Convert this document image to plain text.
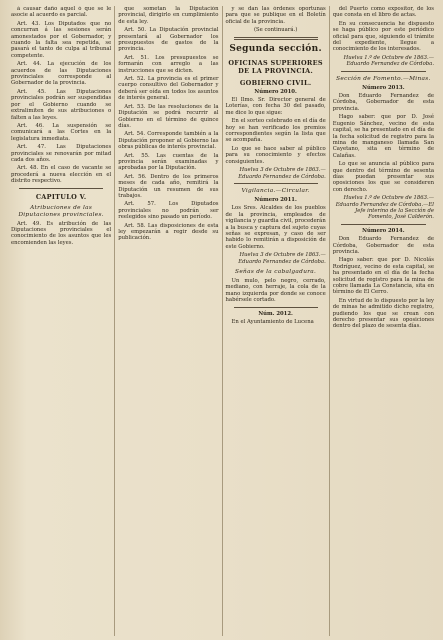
á causar daño aquel ó que se le asocie al acuerdo es parcial.

Art. 43. Los Diputados que no concurran á las sesiones serán amonestados por el Gobernador, y cuando la falta sea repetida, se pasará el tanto de culpa al tribunal competente.

Art. 44. La ejecución de los acuerdos de las Diputaciones provinciales corresponde al Gobernador de la provincia.

Art. 45. Las Diputaciones provinciales podrán ser suspendidas por el Gobierno cuando se extralimiten de sus atribuciones o falten a las leyes.

Art. 46. La suspensión se comunicará a las Cortes en la legislatura inmediata.

Art. 47. Las Diputaciones provinciales se renovarán por mitad cada dos años.

Art. 48. En el caso de vacante se procederá a nueva elección en el distrito respectivo.

CAPITULO V.

Atribuciones de las Diputaciones provinciales.

Art. 49. Es atribución de las Diputaciones provinciales el conocimiento de los asuntos que les encomienden las leyes.

que sometan la Diputación provincial, dirigirlo en cumplimiento de esta ley.

Art. 50. La Diputación provincial presentará al Gobernador los presupuestos de gastos de la provincia.

Art. 51. Los presupuestos se formarán con arreglo a las instrucciones que se dicten.

Art. 52. La provincia es el primer cuerpo consultivo del Gobernador y deberá ser oída en todos los asuntos de interés general.

Art. 53. De las resoluciones de la Diputación se podrá recurrir al Gobierno en el término de quince días.

Art. 54. Corresponde también a la Diputación proponer al Gobierno las obras públicas de interés provincial.

Art. 55. Las cuentas de la provincia serán examinadas y aprobadas por la Diputación.

Art. 56. Dentro de los primeros meses de cada año, remitirá la Diputación un resumen de sus trabajos.

Art. 57. Los Diputados provinciales no podrán ser reelegidos sino pasado un período.

Art. 58. Las disposiciones de esta ley empezarán a regir desde su publicación.

y se dan las órdenes oportunas para que se publique en el Boletín oficial de la provincia.

(Se continuará.)

Segunda sección.

OFICINAS SUPERIORES DE LA PROVINCIA.

GOBIERNO CIVIL.

Número 2010.

El Ilmo. Sr. Director general de Loterías, con fecha 30 del pasado, me dice lo que sigue:

En el sorteo celebrado en el día de hoy se han verificado los premios correspondientes según la lista que se acompaña.

Lo que se hace saber al público para su conocimiento y efectos consiguientes.

Huelva 3 de Octubre de 1863.—Eduardo Fernandez de Córdoba.

Vigilancia.—Circular.

Número 2011.

Los Sres. Alcaldes de los pueblos de la provincia, empleados de vigilancia y guardia civil, procederán a la busca y captura del sujeto cuyas señas se expresan, y caso de ser habido lo remitirán a disposición de este Gobierno.

Huelva 3 de Octubre de 1863.—Eduardo Fernandez de Córdoba.

Señas de la cabalgadura.

Un mulo, pelo negro, cerrado, mediano, con herraje, la cola de la mano izquierda por donde se conoce habérsele cortado.

Núm. 2012.

En el Ayuntamiento de Lucena

del Puerto como expositor, de los que consta en el libro de actas.

En su consecuencia he dispuesto se haga público por este periódico oficial para que, siguiendo el trámite del expediente, llegue a conocimiento de los interesados.

Huelva 1.º de Octubre de 1863.—Eduardo Fernandez de Córdoba.

Sección de Fomento.—Minas.

Número 2013.

Don Eduardo Fernandez de Córdoba, Gobernador de esta provincia.

Hago saber: que por D. José Eugenio Sánchez, vecino de esta capital, se ha presentado en el día de la fecha solicitud de registro para la mina de manganeso llamada San Cayetano, sita en término de Calañas.

Lo que se anuncia al público para que dentro del término de sesenta días puedan presentar sus oposiciones los que se consideren con derecho.

Huelva 1.º de Octubre de 1863.—Eduardo Fernandez de Córdoba.—El Jefe interino de la Sección de Fomento, José Calderón.

Número 2014.

Don Eduardo Fernandez de Córdoba, Gobernador de esta provincia.

Hago saber: que por D. Nicolás Rodríguez, vecino de esta capital, se ha presentado en el día de la fecha solicitud de registro para la mina de cobre llamada La Constancia, sita en término de El Cerro.

En virtud de lo dispuesto por la ley de minas he admitido dicho registro, pudiendo los que se crean con derecho presentar sus oposiciones dentro del plazo de sesenta días.
